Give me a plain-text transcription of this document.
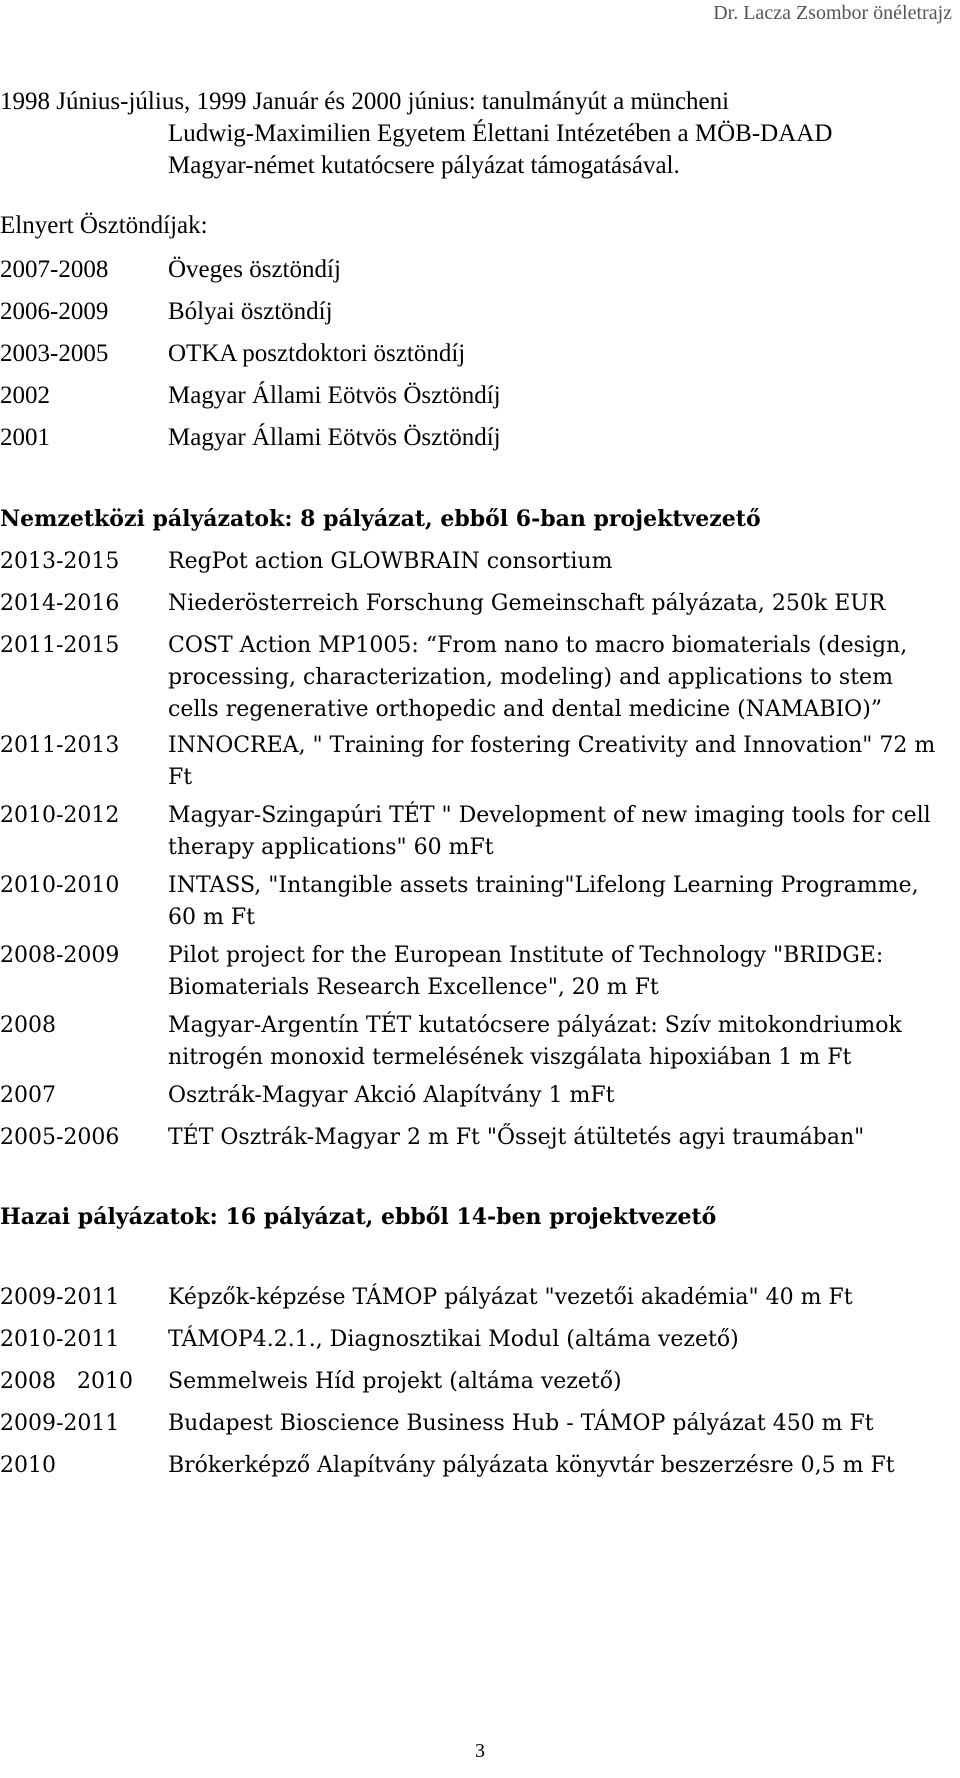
Dr. Lacza Zsombor önéletrajz
1998 Június-július, 1999 Január és 2000 június: tanulmányút a müncheni

Ludwig-Maximilien Egyetem Élettani Intézetében a MÖB-DAAD
Magyar-német kutatócsere pályázat támogatásával.
Elnyert Ösztöndíjak:
2007-2008 Öveges ösztöndíj
2006-2009 Bólyai ösztöndíj
2003-2005 OTKA posztdoktori ösztöndíj
2002	Magyar Állami Eötvös Ösztöndíj
2001	Magyar Állami Eötvös Ösztöndíj
Nemzetközi pályázatok: 8 pályázat, ebből 6-ban projektvezető
2013-2015 RegPot action GLOWBRAIN consortium
2014-2016 Niederösterreich Forschung Gemeinschaft pályázata, 250k EUR
2011-2015 COST Action MP1005: “From nano to macro biomaterials (design, processing, characterization, modeling) and applications to stem cells regenerative orthopedic and dental medicine (NAMABIO)”
2011-2013 INNOCREA, " Training for fostering Creativity and Innovation" 72 m Ft
2010-2012 Magyar-Szingapúri TÉT " Development of new imaging tools for cell therapy applications" 60 mFt
2010-2010 INTASS, "Intangible assets training"Lifelong Learning Programme, 60 m Ft
2008-2009 Pilot project for the European Institute of Technology "BRIDGE: Biomaterials Research Excellence", 20 m Ft
2008	Magyar-Argentín TÉT kutatócsere pályázat: Szív mitokondriumok nitrogén monoxid termelésének viszgálata hipoxiában 1 m Ft
2007	Osztrák-Magyar Akció Alapítvány 1 mFt
2005-2006 TÉT Osztrák-Magyar 2 m Ft "Őssejt átültetés agyi traumában"
Hazai pályázatok: 16 pályázat, ebből 14-ben projektvezető
2009-2011 Képzők-képzése TÁMOP pályázat "vezetői akadémia" 40 m Ft
2010-2011 TÁMOP4.2.1., Diagnosztikai Modul (altáma vezető)
2008   2010 Semmelweis Híd projekt (altáma vezető)
2009-2011 Budapest Bioscience Business Hub - TÁMOP pályázat 450 m Ft
2010	Brókerképző Alapítvány pályázata könyvtár beszerzésre 0,5 m Ft
3
